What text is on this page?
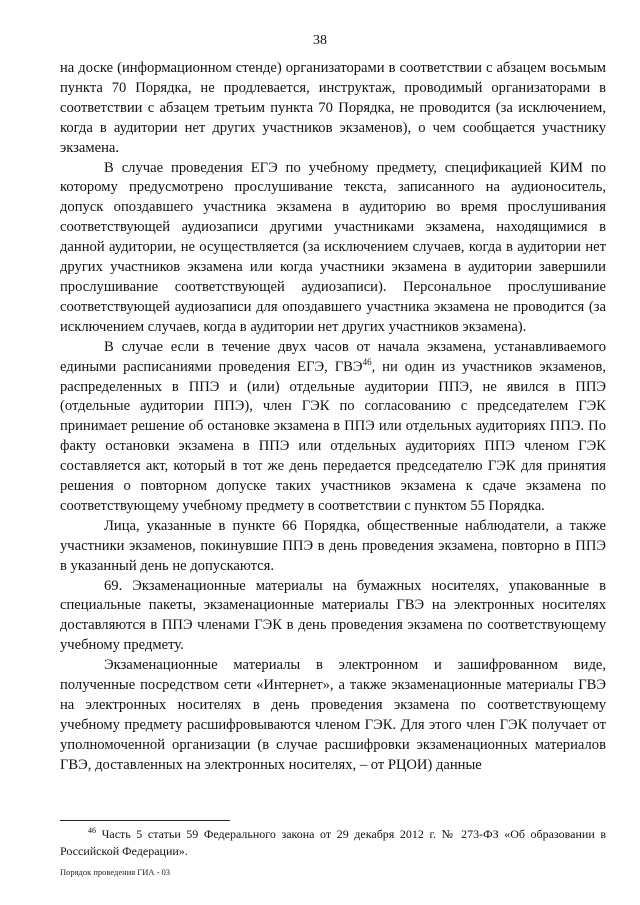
38

на доске (информационном стенде) организаторами в соответствии с абзацем восьмым пункта 70 Порядка, не продлевается, инструктаж, проводимый организаторами в соответствии с абзацем третьим пункта 70 Порядка, не проводится (за исключением, когда в аудитории нет других участников экзаменов), о чем сообщается участнику экзамена.

В случае проведения ЕГЭ по учебному предмету, спецификацией КИМ по которому предусмотрено прослушивание текста, записанного на аудионоситель, допуск опоздавшего участника экзамена в аудиторию во время прослушивания соответствующей аудиозаписи другими участниками экзамена, находящимися в данной аудитории, не осуществляется (за исключением случаев, когда в аудитории нет других участников экзамена или когда участники экзамена в аудитории завершили прослушивание соответствующей аудиозаписи). Персональное прослушивание соответствующей аудиозаписи для опоздавшего участника экзамена не проводится (за исключением случаев, когда в аудитории нет других участников экзамена).

В случае если в течение двух часов от начала экзамена, устанавливаемого едиными расписаниями проведения ЕГЭ, ГВЭ$^{46}$, ни один из участников экзаменов, распределенных в ППЭ и (или) отдельные аудитории ППЭ, не явился в ППЭ (отдельные аудитории ППЭ), член ГЭК по согласованию с председателем ГЭК принимает решение об остановке экзамена в ППЭ или отдельных аудиториях ППЭ. По факту остановки экзамена в ППЭ или отдельных аудиториях ППЭ членом ГЭК составляется акт, который в тот же день передается председателю ГЭК для принятия решения о повторном допуске таких участников экзамена к сдаче экзамена по соответствующему учебному предмету в соответствии с пунктом 55 Порядка.

Лица, указанные в пункте 66 Порядка, общественные наблюдатели, а также участники экзаменов, покинувшие ППЭ в день проведения экзамена, повторно в ППЭ в указанный день не допускаются.

69. Экзаменационные материалы на бумажных носителях, упакованные в специальные пакеты, экзаменационные материалы ГВЭ на электронных носителях доставляются в ППЭ членами ГЭК в день проведения экзамена по соответствующему учебному предмету.

Экзаменационные материалы в электронном и зашифрованном виде, полученные посредством сети «Интернет», а также экзаменационные материалы ГВЭ на электронных носителях в день проведения экзамена по соответствующему учебному предмету расшифровываются членом ГЭК. Для этого член ГЭК получает от уполномоченной организации (в случае расшифровки экзаменационных материалов ГВЭ, доставленных на электронных носителях, – от РЦОИ) данные

$^{46}$ Часть 5 статьи 59 Федерального закона от 29 декабря 2012 г. № 273-ФЗ «Об образовании в Российской Федерации».
Порядок проведения ГИА - 03
